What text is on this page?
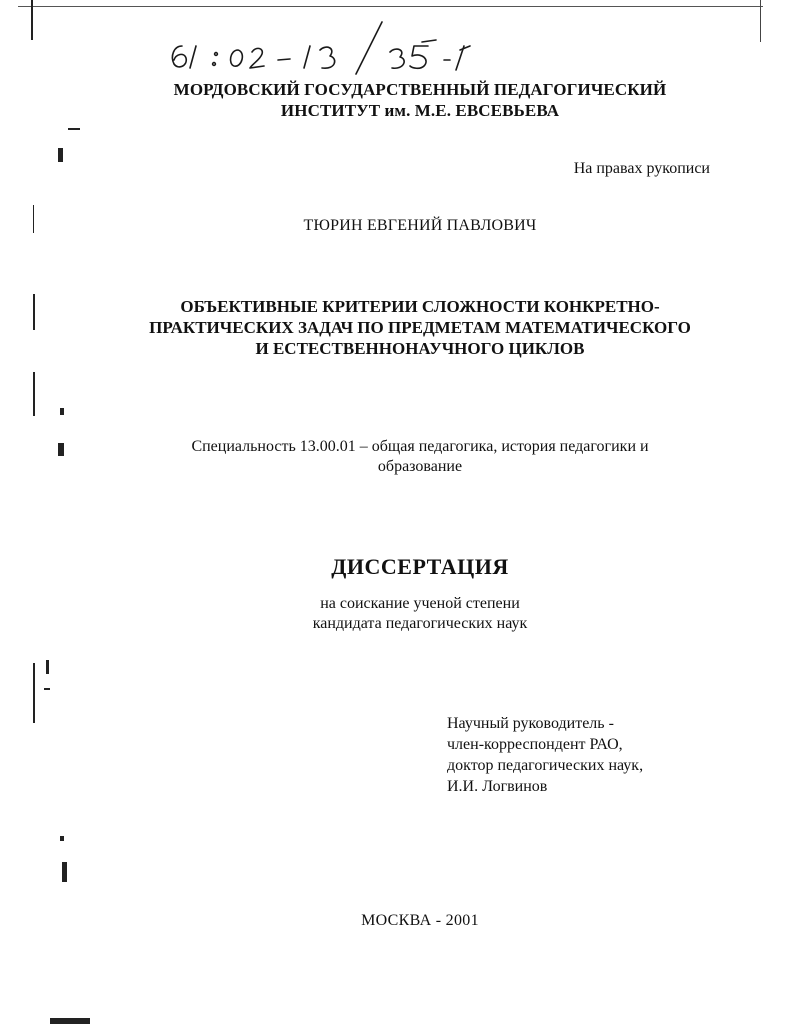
МОРДОВСКИЙ ГОСУДАРСТВЕННЫЙ ПЕДАГОГИЧЕСКИЙ
ИНСТИТУТ им. М.Е. ЕВСЕВЬЕВА
На правах рукописи
ТЮРИН ЕВГЕНИЙ ПАВЛОВИЧ
ОБЪЕКТИВНЫЕ КРИТЕРИИ СЛОЖНОСТИ КОНКРЕТНО-
ПРАКТИЧЕСКИХ ЗАДАЧ ПО ПРЕДМЕТАМ МАТЕМАТИЧЕСКОГО
И ЕСТЕСТВЕННОНАУЧНОГО ЦИКЛОВ
Специальность 13.00.01 – общая педагогика, история педагогики и
образование
ДИССЕРТАЦИЯ
на соискание ученой степени
кандидата педагогических наук
Научный руководитель -
член-корреспондент РАО,
доктор педагогических наук,
И.И. Логвинов
МОСКВА - 2001
